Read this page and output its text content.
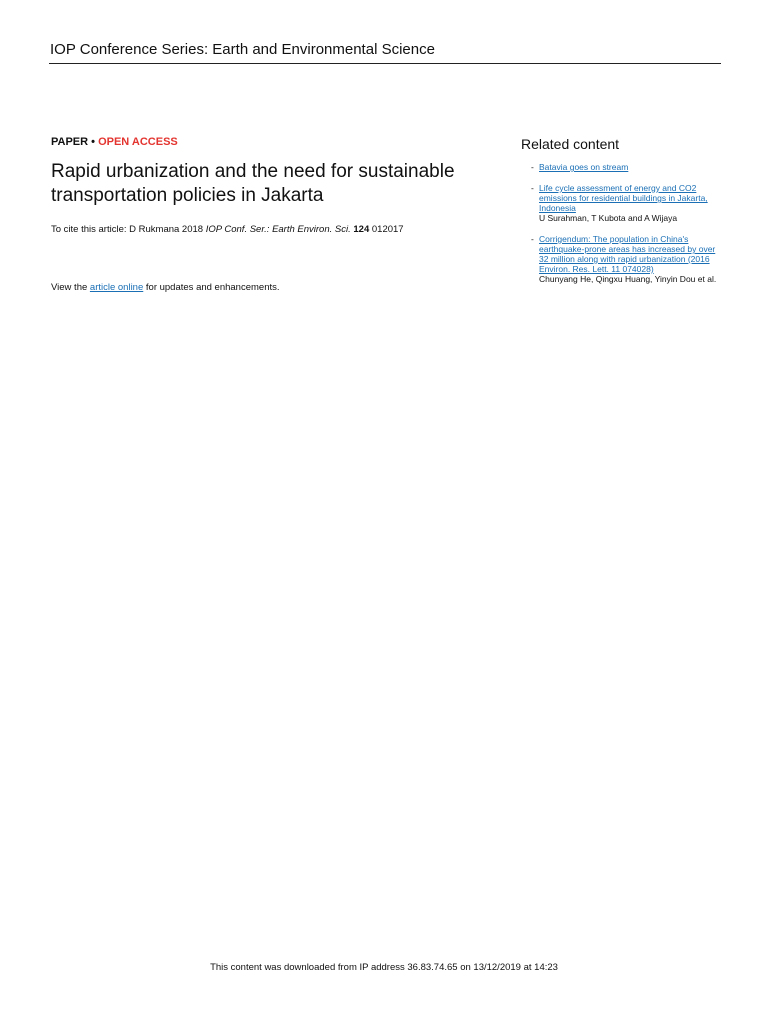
IOP Conference Series: Earth and Environmental Science
PAPER • OPEN ACCESS
Rapid urbanization and the need for sustainable transportation policies in Jakarta
To cite this article: D Rukmana 2018 IOP Conf. Ser.: Earth Environ. Sci. 124 012017
View the article online for updates and enhancements.
Related content
- Batavia goes on stream
- Life cycle assessment of energy and CO2 emissions for residential buildings in Jakarta, Indonesia
U Surahman, T Kubota and A Wijaya
- Corrigendum: The population in China's earthquake-prone areas has increased by over 32 million along with rapid urbanization (2016 Environ. Res. Lett. 11 074028)
Chunyang He, Qingxu Huang, Yinyin Dou et al.
This content was downloaded from IP address 36.83.74.65 on 13/12/2019 at 14:23
